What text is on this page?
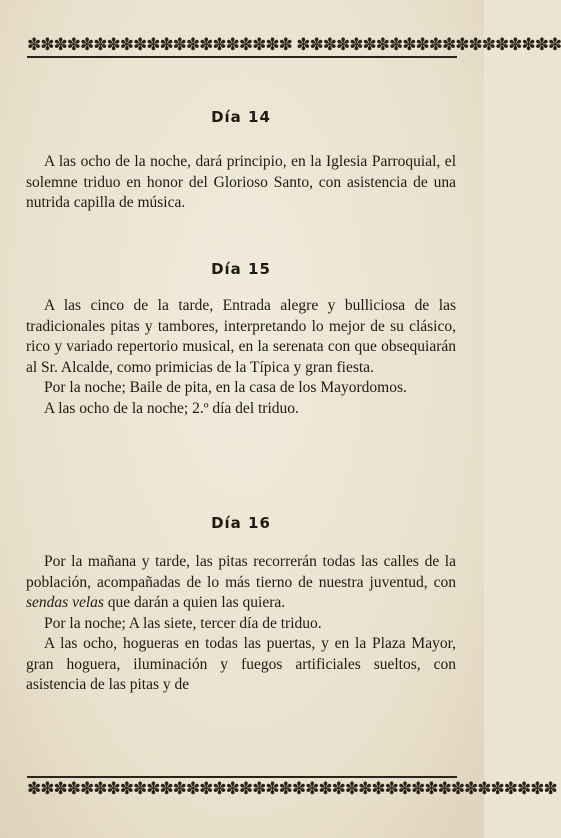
✽✽✽✽✽✽✽✽✽✽✽✽✽✽✽✽✽✽✽✽ ✽✽✽✽✽✽✽✽✽✽✽✽✽✽✽✽✽✽✽✽
Día 14

A las ocho de la noche, dará principio, en la Iglesia Parroquial, el solemne triduo en honor del Glorioso Santo, con asistencia de una nutrida capilla de música.

Día 15

A las cinco de la tarde, Entrada alegre y bulliciosa de las tradicionales pitas y tambores, interpretando lo mejor de su clásico, rico y variado repertorio musical, en la serenata con que obsequiarán al Sr. Alcalde, como primicias de la Típica y gran fiesta.

Por la noche; Baile de pita, en la casa de los Mayordomos.

A las ocho de la noche; 2.º día del triduo.

Día 16

Por la mañana y tarde, las pitas recorrerán todas las calles de la población, acompañadas de lo más tierno de nuestra juventud, con sendas velas que darán a quien las quiera.

Por la noche; A las siete, tercer día de triduo.

A las ocho, hogueras en todas las puertas, y en la Plaza Mayor, gran hoguera, iluminación y fuegos artificiales sueltos, con asistencia de las pitas y de

✽✽✽✽✽✽✽✽✽✽✽✽✽✽✽✽✽✽✽✽✽✽✽✽✽✽✽✽✽✽✽✽✽✽✽✽✽✽✽✽
